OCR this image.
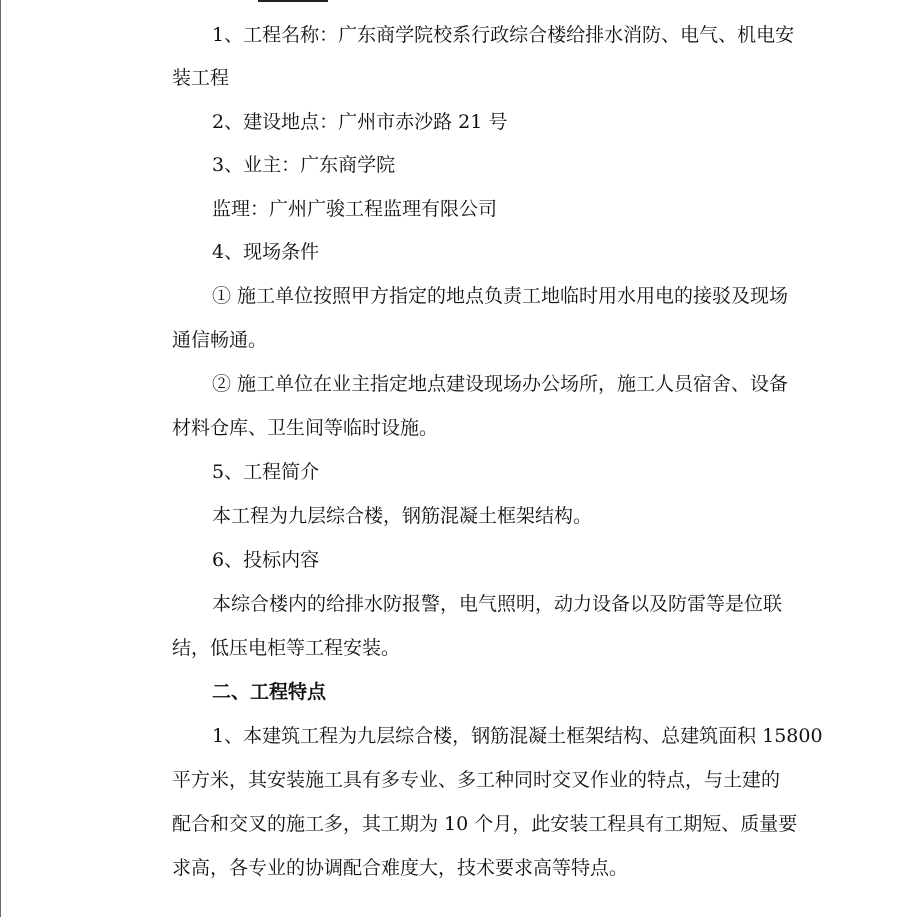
1、工程名称：广东商学院校系行政综合楼给排水消防、电气、机电安

装工程

2、建设地点：广州市赤沙路 21 号

3、业主：广东商学院

监理：广州广骏工程监理有限公司

4、现场条件

① 施工单位按照甲方指定的地点负责工地临时用水用电的接驳及现场

通信畅通。

② 施工单位在业主指定地点建设现场办公场所，施工人员宿舍、设备

材料仓库、卫生间等临时设施。

5、工程简介

本工程为九层综合楼，钢筋混凝土框架结构。

6、投标内容

本综合楼内的给排水防报警，电气照明，动力设备以及防雷等是位联

结，低压电柜等工程安装。

二、工程特点

1、本建筑工程为九层综合楼，钢筋混凝土框架结构、总建筑面积 15800

平方米，其安装施工具有多专业、多工种同时交叉作业的特点，与土建的

配合和交叉的施工多，其工期为 10 个月，此安装工程具有工期短、质量要

求高，各专业的协调配合难度大，技术要求高等特点。
